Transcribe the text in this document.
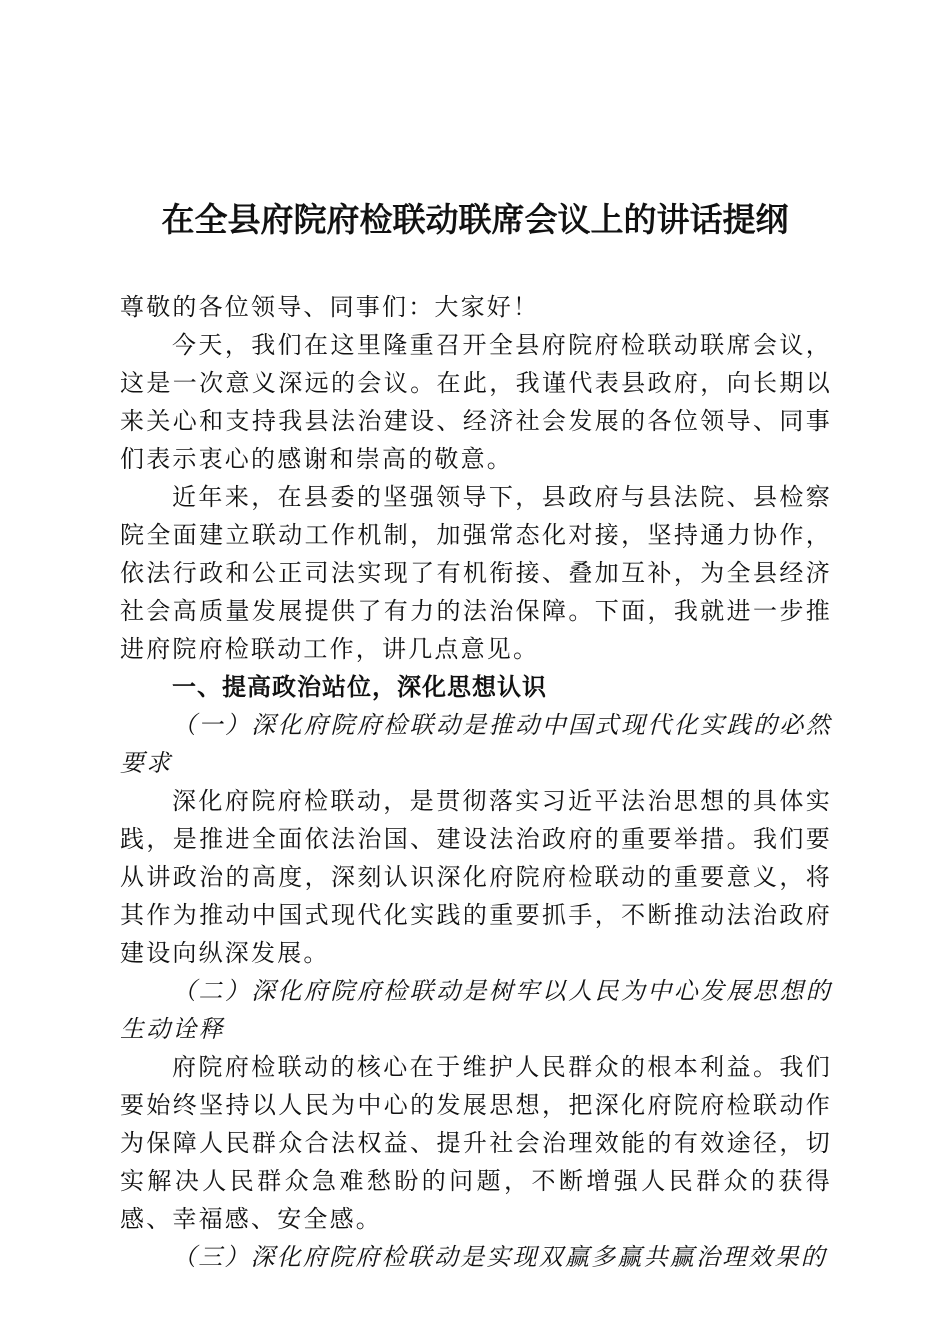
在全县府院府检联动联席会议上的讲话提纲

尊敬的各位领导、同事们：大家好！

今天，我们在这里隆重召开全县府院府检联动联席会议，这是一次意义深远的会议。在此，我谨代表县政府，向长期以来关心和支持我县法治建设、经济社会发展的各位领导、同事们表示衷心的感谢和崇高的敬意。

近年来，在县委的坚强领导下，县政府与县法院、县检察院全面建立联动工作机制，加强常态化对接，坚持通力协作，依法行政和公正司法实现了有机衔接、叠加互补，为全县经济社会高质量发展提供了有力的法治保障。下面，我就进一步推进府院府检联动工作，讲几点意见。

一、提高政治站位，深化思想认识

（一）深化府院府检联动是推动中国式现代化实践的必然要求

深化府院府检联动，是贯彻落实习近平法治思想的具体实践，是推进全面依法治国、建设法治政府的重要举措。我们要从讲政治的高度，深刻认识深化府院府检联动的重要意义，将其作为推动中国式现代化实践的重要抓手，不断推动法治政府建设向纵深发展。

（二）深化府院府检联动是树牢以人民为中心发展思想的生动诠释

府院府检联动的核心在于维护人民群众的根本利益。我们要始终坚持以人民为中心的发展思想，把深化府院府检联动作为保障人民群众合法权益、提升社会治理效能的有效途径，切实解决人民群众急难愁盼的问题，不断增强人民群众的获得感、幸福感、安全感。

（三）深化府院府检联动是实现双赢多赢共赢治理效果的
